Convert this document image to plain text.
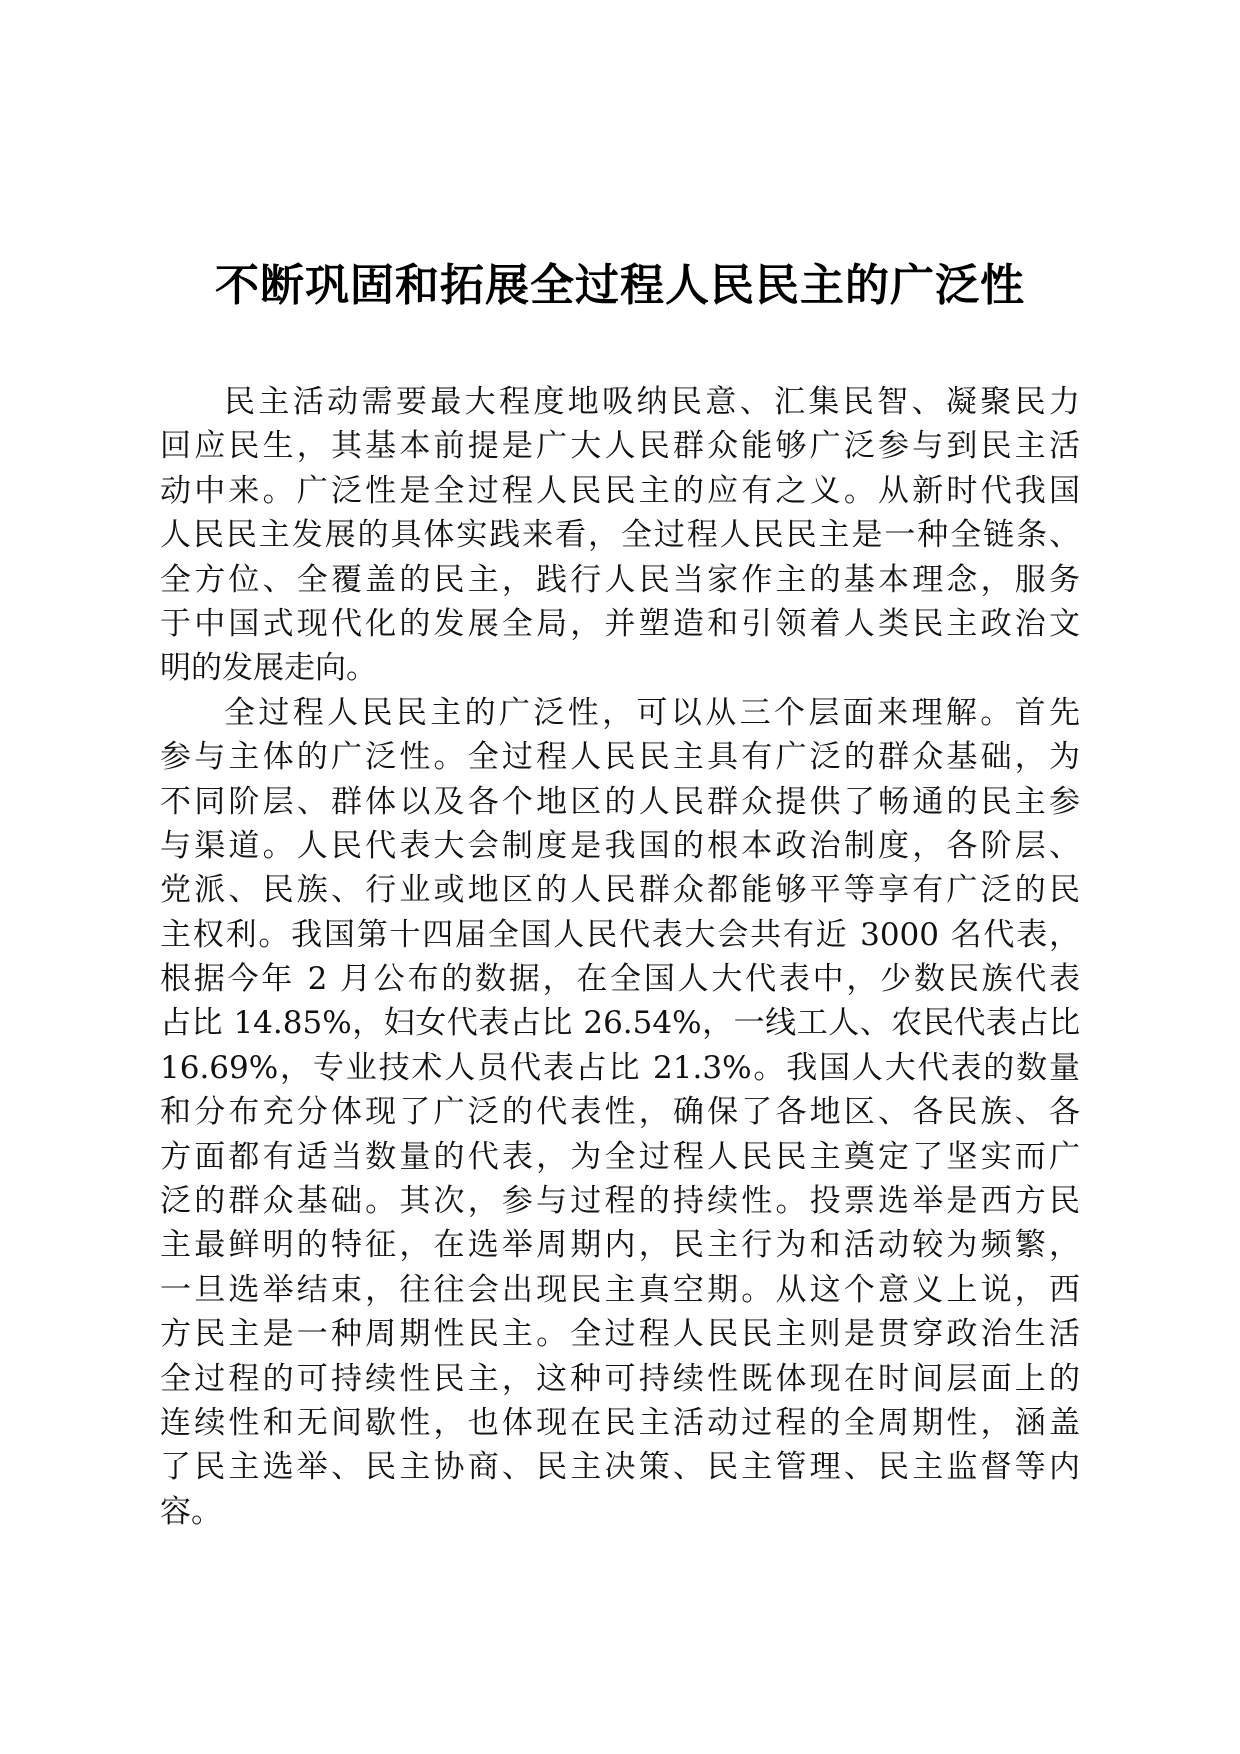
不断巩固和拓展全过程人民民主的广泛性
民主活动需要最大程度地吸纳民意、汇集民智、凝聚民力
回应民生，其基本前提是广大人民群众能够广泛参与到民主活
动中来。广泛性是全过程人民民主的应有之义。从新时代我国
人民民主发展的具体实践来看，全过程人民民主是一种全链条、
全方位、全覆盖的民主，践行人民当家作主的基本理念，服务
于中国式现代化的发展全局，并塑造和引领着人类民主政治文
明的发展走向。
全过程人民民主的广泛性，可以从三个层面来理解。首先
参与主体的广泛性。全过程人民民主具有广泛的群众基础，为
不同阶层、群体以及各个地区的人民群众提供了畅通的民主参
与渠道。人民代表大会制度是我国的根本政治制度，各阶层、
党派、民族、行业或地区的人民群众都能够平等享有广泛的民
主权利。我国第十四届全国人民代表大会共有近 3000 名代表，
根据今年 2 月公布的数据，在全国人大代表中，少数民族代表
占比 14.85%，妇女代表占比 26.54%，一线工人、农民代表占比
16.69%，专业技术人员代表占比 21.3%。我国人大代表的数量
和分布充分体现了广泛的代表性，确保了各地区、各民族、各
方面都有适当数量的代表，为全过程人民民主奠定了坚实而广
泛的群众基础。其次，参与过程的持续性。投票选举是西方民
主最鲜明的特征，在选举周期内，民主行为和活动较为频繁，
一旦选举结束，往往会出现民主真空期。从这个意义上说，西
方民主是一种周期性民主。全过程人民民主则是贯穿政治生活
全过程的可持续性民主，这种可持续性既体现在时间层面上的
连续性和无间歇性，也体现在民主活动过程的全周期性，涵盖
了民主选举、民主协商、民主决策、民主管理、民主监督等内
容。
